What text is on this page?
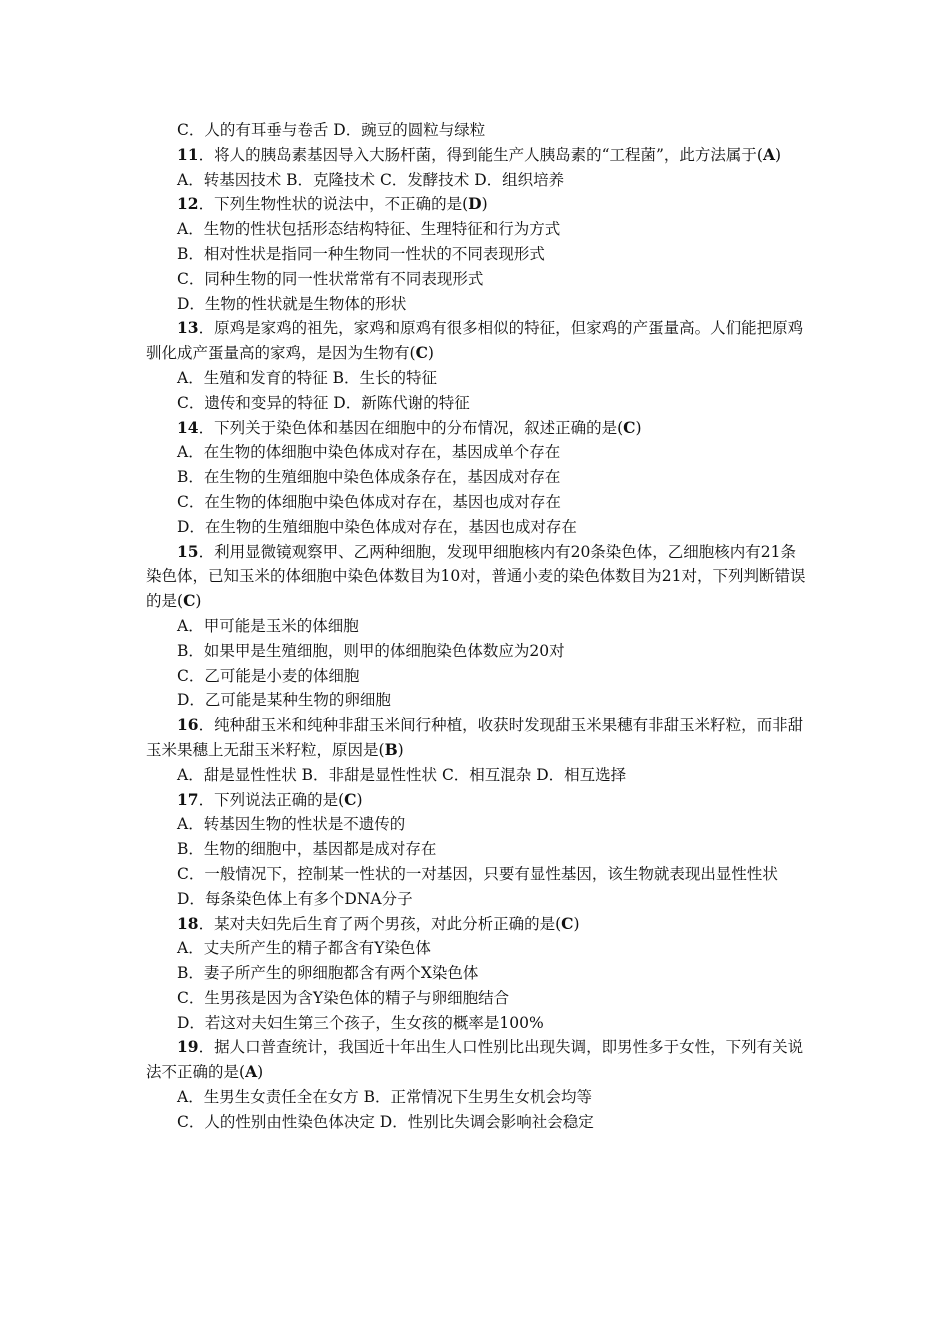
C．人的有耳垂与卷舌 D．豌豆的圆粒与绿粒
11．将人的胰岛素基因导入大肠杆菌，得到能生产人胰岛素的“工程菌”，此方法属于(A)
A．转基因技术 B．克隆技术 C．发酵技术 D．组织培养
12．下列生物性状的说法中，不正确的是(D)
A．生物的性状包括形态结构特征、生理特征和行为方式
B．相对性状是指同一种生物同一性状的不同表现形式
C．同种生物的同一性状常常有不同表现形式
D．生物的性状就是生物体的形状
13．原鸡是家鸡的祖先，家鸡和原鸡有很多相似的特征，但家鸡的产蛋量高。人们能把原鸡驯化成产蛋量高的家鸡，是因为生物有(C)
A．生殖和发育的特征 B．生长的特征
C．遗传和变异的特征 D．新陈代谢的特征
14．下列关于染色体和基因在细胞中的分布情况，叙述正确的是(C)
A．在生物的体细胞中染色体成对存在，基因成单个存在
B．在生物的生殖细胞中染色体成条存在，基因成对存在
C．在生物的体细胞中染色体成对存在，基因也成对存在
D．在生物的生殖细胞中染色体成对存在，基因也成对存在
15．利用显微镜观察甲、乙两种细胞，发现甲细胞核内有20条染色体，乙细胞核内有21条染色体，已知玉米的体细胞中染色体数目为10对，普通小麦的染色体数目为21对，下列判断错误的是(C)
A．甲可能是玉米的体细胞
B．如果甲是生殖细胞，则甲的体细胞染色体数应为20对
C．乙可能是小麦的体细胞
D．乙可能是某种生物的卵细胞
16．纯种甜玉米和纯种非甜玉米间行种植，收获时发现甜玉米果穗有非甜玉米籽粒，而非甜玉米果穗上无甜玉米籽粒，原因是(B)
A．甜是显性性状 B．非甜是显性性状 C．相互混杂 D．相互选择
17．下列说法正确的是(C)
A．转基因生物的性状是不遗传的
B．生物的细胞中，基因都是成对存在
C．一般情况下，控制某一性状的一对基因，只要有显性基因，该生物就表现出显性性状
D．每条染色体上有多个DNA分子
18．某对夫妇先后生育了两个男孩，对此分析正确的是(C)
A．丈夫所产生的精子都含有Y染色体
B．妻子所产生的卵细胞都含有两个X染色体
C．生男孩是因为含Y染色体的精子与卵细胞结合
D．若这对夫妇生第三个孩子，生女孩的概率是100%
19．据人口普查统计，我国近十年出生人口性别比出现失调，即男性多于女性，下列有关说法不正确的是(A)
A．生男生女责任全在女方 B．正常情况下生男生女机会均等
C．人的性别由性染色体决定 D．性别比失调会影响社会稳定
